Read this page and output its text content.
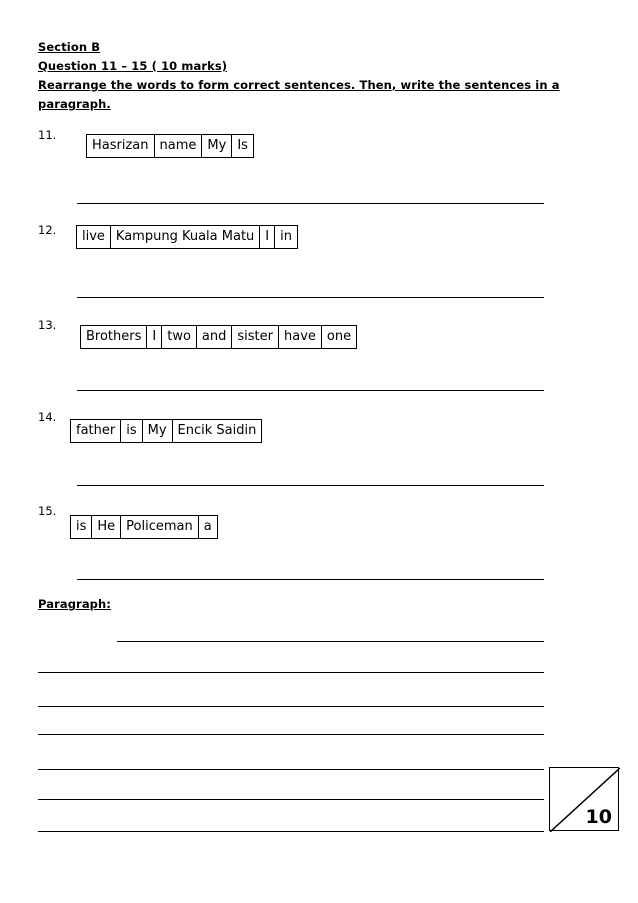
Section B
Question 11 – 15 ( 10 marks)
Rearrange the words to form correct sentences. Then, write the sentences in a
paragraph.
11.
Hasrizan name My Is
12.	live Kampung Kuala Matu I in
13.
Brothers I two and sister have one
14.
father is My Encik Saidin
15.
is He Policeman a
Paragraph:
10
